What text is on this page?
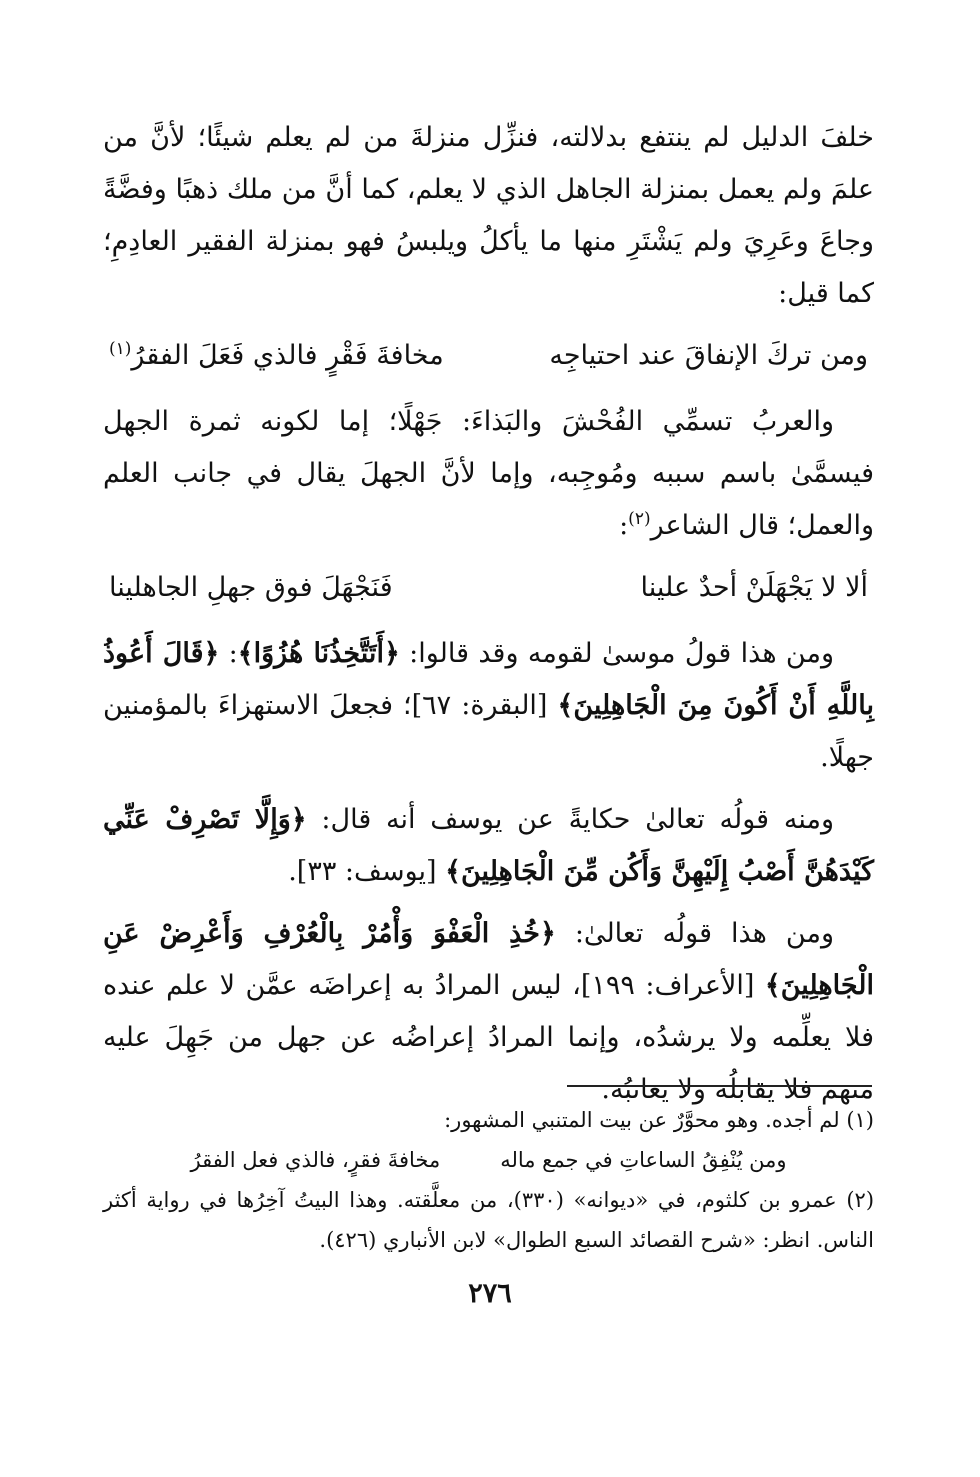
خلفَ الدليل لم ينتفع بدلالته، فنزِّل منزلةَ من لم يعلم شيئًا؛ لأنَّ من علمَ ولم يعمل بمنزلة الجاهل الذي لا يعلم، كما أنَّ من ملك ذهبًا وفضَّةً وجاعَ وعَرِيَ ولم يَشْتَرِ منها ما يأكلُ ويلبسُ فهو بمنزلة الفقير العادِمِ؛ كما قيل:

ومن تركَ الإنفاقَ عند احتياجِه
مخافةَ فَقْرٍ فالذي فَعَلَ الفقرُ$^{(١)}$

والعربُ تسمِّي الفُحْشَ والبَذاءَ: جَهْلًا؛ إما لكونه ثمرة الجهل فيسمَّىٰ باسم سببه ومُوجِبه، وإما لأنَّ الجهلَ يقال في جانب العلم والعمل؛ قال الشاعر$^{(٢)}$:

ألا لا يَجْهَلَنْ أحدٌ علينا
فَنَجْهَلَ فوق جهلِ الجاهلينا

ومن هذا قولُ موسىٰ لقومه وقد قالوا: ﴿أَتَتَّخِذُنَا هُزُوًا﴾: ﴿قَالَ أَعُوذُ بِاللَّهِ أَنْ أَكُونَ مِنَ الْجَاهِلِينَ﴾ [البقرة: ٦٧]؛ فجعلَ الاستهزاءَ بالمؤمنين جهلًا.

ومنه قولُه تعالىٰ حكايةً عن يوسف أنه قال: ﴿وَإِلَّا تَصْرِفْ عَنِّي كَيْدَهُنَّ أَصْبُ إِلَيْهِنَّ وَأَكُن مِّنَ الْجَاهِلِينَ﴾ [يوسف: ٣٣].

ومن هذا قولُه تعالىٰ: ﴿خُذِ الْعَفْوَ وَأْمُرْ بِالْعُرْفِ وَأَعْرِضْ عَنِ الْجَاهِلِينَ﴾ [الأعراف: ١٩٩]، ليس المرادُ به إعراضَه عمَّن لا علم عنده فلا يعلِّمه ولا يرشدُه، وإنما المرادُ إعراضُه عن جهل من جَهِلَ عليه منهم فلا يقابلُه ولا يعاتبُه.

(١) لم أجده. وهو محوَّرٌ عن بيت المتنبي المشهور:

ومن يُنْفِقُ الساعاتِ في جمع ماله
مخافةَ فقرٍ، فالذي فعل الفقرُ

(٢) عمرو بن كلثوم، في «ديوانه» (٣٣٠)، من معلَّقته. وهذا البيتُ آخِرُها في رواية أكثر الناس. انظر: «شرح القصائد السبع الطوال» لابن الأنباري (٤٢٦).

٢٧٦
